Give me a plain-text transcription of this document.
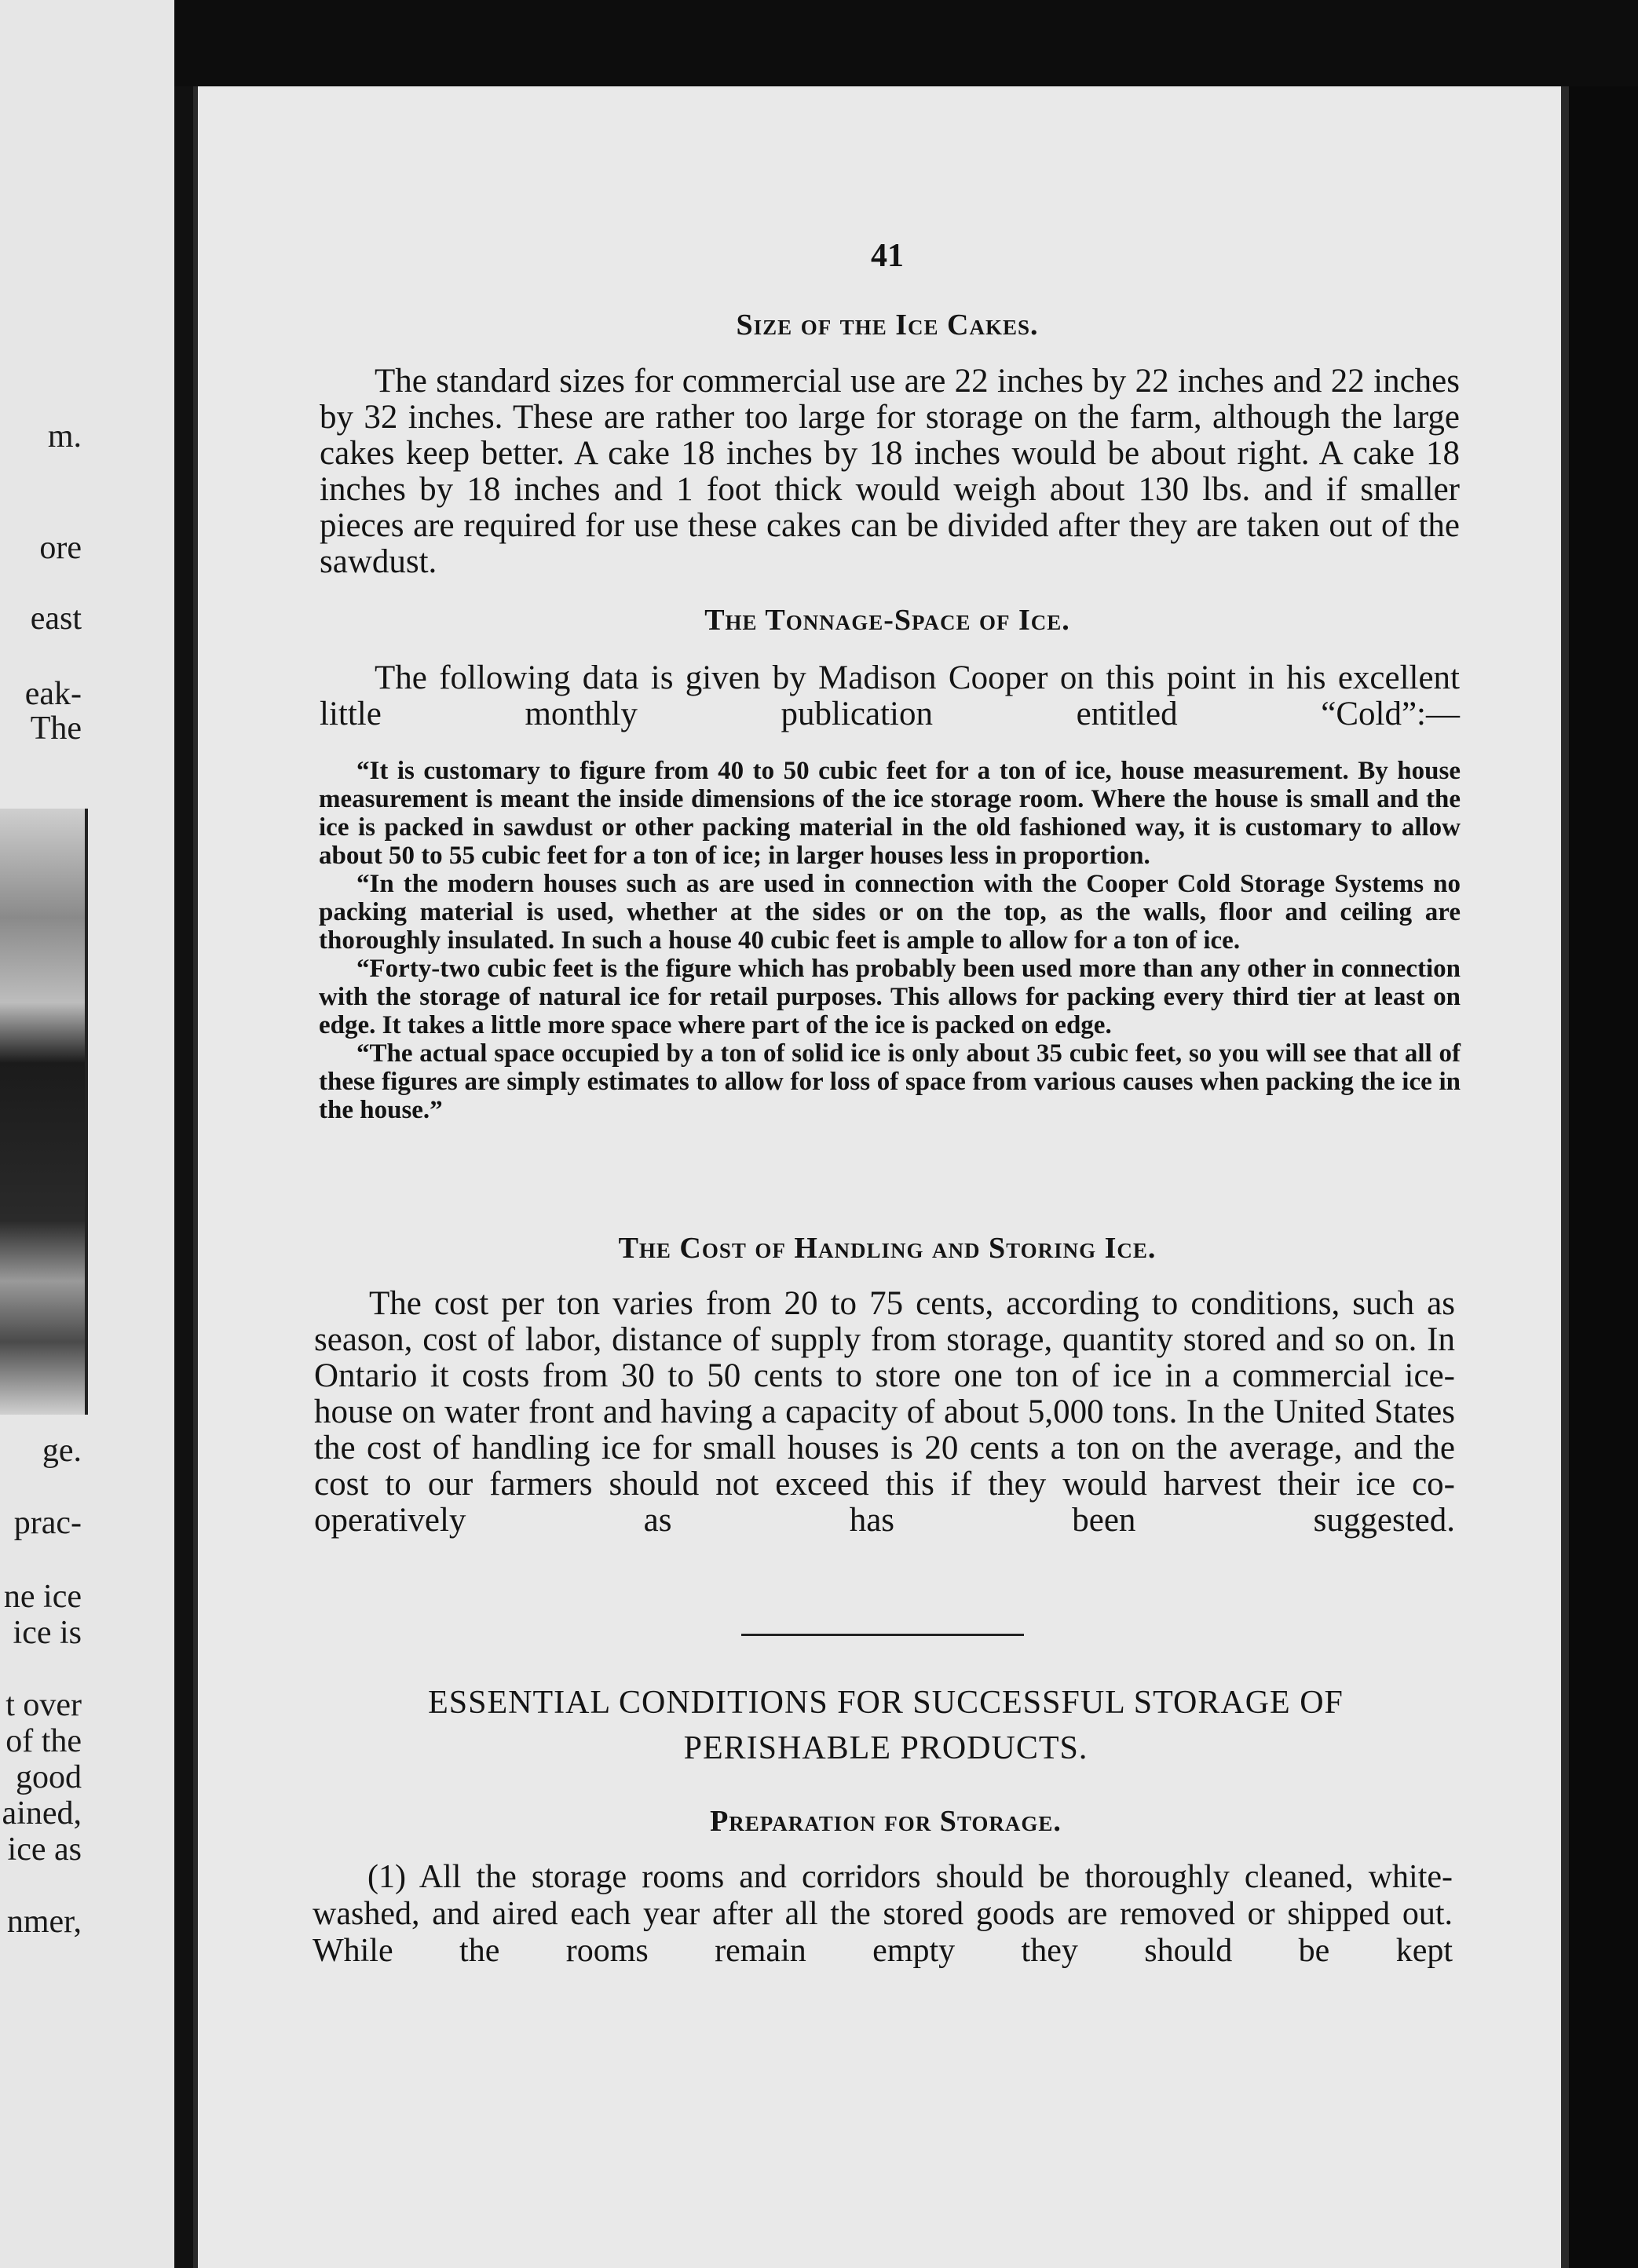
m.
ore
east
eak-
The
ge.
prac-
ne ice
ice is
t over
of the
good
ained,
ice as
nmer,
41
Size of the Ice Cakes.

The standard sizes for commercial use are 22 inches by 22 inches and 22 inches by 32 inches. These are rather too large for storage on the farm, although the large cakes keep better. A cake 18 inches by 18 inches would be about right. A cake 18 inches by 18 inches and 1 foot thick would weigh about 130 lbs. and if smaller pieces are required for use these cakes can be divided after they are taken out of the sawdust.

The Tonnage-Space of Ice.

The following data is given by Madison Cooper on this point in his excellent little monthly publication entitled “Cold”:—

“It is customary to figure from 40 to 50 cubic feet for a ton of ice, house measurement. By house measurement is meant the inside dimensions of the ice storage room. Where the house is small and the ice is packed in sawdust or other packing material in the old fashioned way, it is customary to allow about 50 to 55 cubic feet for a ton of ice; in larger houses less in proportion.

“In the modern houses such as are used in connection with the Cooper Cold Storage Systems no packing material is used, whether at the sides or on the top, as the walls, floor and ceiling are thoroughly insulated. In such a house 40 cubic feet is ample to allow for a ton of ice.

“Forty-two cubic feet is the figure which has probably been used more than any other in connection with the storage of natural ice for retail purposes. This allows for packing every third tier at least on edge. It takes a little more space where part of the ice is packed on edge.

“The actual space occupied by a ton of solid ice is only about 35 cubic feet, so you will see that all of these figures are simply estimates to allow for loss of space from various causes when packing the ice in the house.”

The Cost of Handling and Storing Ice.

The cost per ton varies from 20 to 75 cents, according to conditions, such as season, cost of labor, distance of supply from storage, quantity stored and so on. In Ontario it costs from 30 to 50 cents to store one ton of ice in a commercial ice-house on water front and having a capacity of about 5,000 tons. In the United States the cost of handling ice for small houses is 20 cents a ton on the average, and the cost to our farmers should not exceed this if they would harvest their ice co-operatively as has been suggested.

ESSENTIAL CONDITIONS FOR SUCCESSFUL STORAGE OF
PERISHABLE PRODUCTS.
Preparation for Storage.

(1) All the storage rooms and corridors should be thoroughly cleaned, white-washed, and aired each year after all the stored goods are removed or shipped out. While the rooms remain empty they should be kept
